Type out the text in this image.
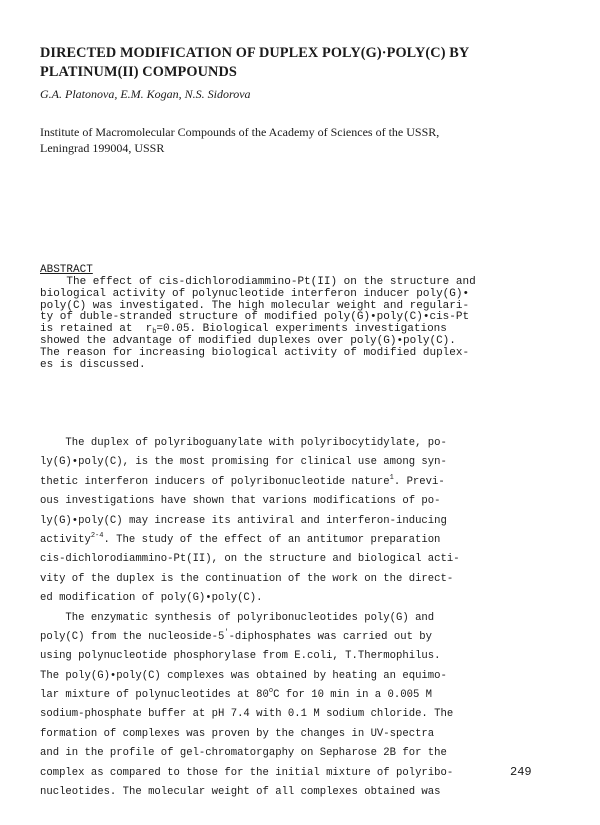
DIRECTED MODIFICATION OF DUPLEX POLY(G)·POLY(C) BY PLATINUM(II) COMPOUNDS
G.A. Platonova, E.M. Kogan, N.S. Sidorova
Institute of Macromolecular Compounds of the Academy of Sciences of the USSR,
Leningrad 199004, USSR
ABSTRACT
The effect of cis-dichlorodiammino-Pt(II) on the structure and
biological activity of polynucleotide interferon inducer poly(G)•
poly(C) was investigated. The high molecular weight and regulari-
ty of duble-stranded structure of modified poly(G)•poly(C)•cis-Pt
is retained at  $r_b=0.05$. Biological experiments investigations
showed the advantage of modified duplexes over poly(G)•poly(C).
The reason for increasing biological activity of modified duplex-
es is discussed.
The duplex of polyriboguanylate with polyribocytidylate, po-
ly(G)•poly(C), is the most promising for clinical use among syn-
thetic interferon inducers of polyribonucleotide nature$^1$. Previ-
ous investigations have shown that varions modifications of po-
ly(G)•poly(C) may increase its antiviral and interferon-inducing
activity$^{2-4}$. The study of the effect of an antitumor preparation
cis-dichlorodiammino-Pt(II), on the structure and biological acti-
vity of the duplex is the continuation of the work on the direct-
ed modification of poly(G)•poly(C).
The enzymatic synthesis of polyribonucleotides poly(G) and
poly(C) from the nucleoside-5'-diphosphates was carried out by
using polynucleotide phosphorylase from E.coli, T.Thermophilus.
The poly(G)•poly(C) complexes was obtained by heating an equimo-
lar mixture of polynucleotides at 80$^o$C for 10 min in a 0.005 M
sodium-phosphate buffer at pH 7.4 with 0.1 M sodium chloride. The
formation of complexes was proven by the changes in UV-spectra
and in the profile of gel-chromatorgaphy on Sepharose 2B for the
complex as compared to those for the initial mixture of polyribo-
nucleotides. The molecular weight of all complexes obtained was
249
